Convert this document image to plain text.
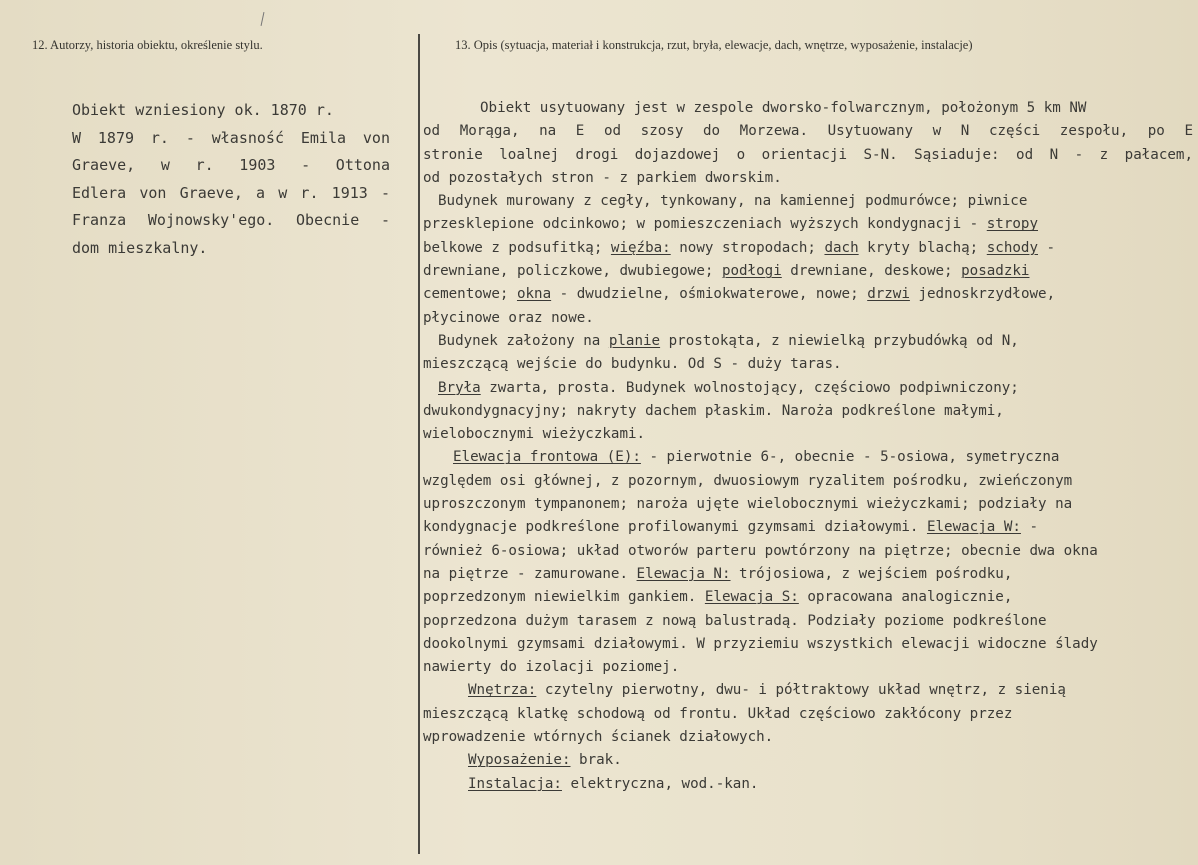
12. Autorzy, historia obiektu, określenie stylu.	13. Opis (sytuacja, materiał i konstrukcja, rzut, bryła, elewacje, dach, wnętrze, wyposażenie, instalacje)
Obiekt wzniesiony ok. 1870 r.
W 1879 r. - własność Emila von
Graeve, w r. 1903 - Ottona
Edlera von Graeve, a w r. 1913 -
Franza Wojnowsky'ego. Obecnie -
dom mieszkalny.
Obiekt usytuowany jest w zespole dworsko-folwarcznym, położonym 5 km NW
od Morąga, na E od szosy do Morzewa. Usytuowany w N części zespołu, po E
stronie loalnej drogi dojazdowej o orientacji S-N. Sąsiaduje: od N - z pałacem,
od pozostałych stron - z parkiem dworskim.
Budynek murowany z cegły, tynkowany, na kamiennej podmurówce; piwnice
przesklepione odcinkowo; w pomieszczeniach wyższych kondygnacji - stropy
belkowe z podsufitką; więźba: nowy stropodach; dach kryty blachą; schody -
drewniane, policzkowe, dwubiegowe; podłogi drewniane, deskowe; posadzki
cementowe; okna - dwudzielne, ośmiokwaterowe, nowe; drzwi jednoskrzydłowe,
płycinowe oraz nowe.
Budynek założony na planie prostokąta, z niewielką przybudówką od N,
mieszczącą wejście do budynku. Od S - duży taras.
Bryła zwarta, prosta. Budynek wolnostojący, częściowo podpiwniczony;
dwukondygnacyjny; nakryty dachem płaskim. Naroża podkreślone małymi,
wielobocznymi wieżyczkami.
Elewacja frontowa (E): - pierwotnie 6-, obecnie - 5-osiowa, symetryczna
względem osi głównej, z pozornym, dwuosiowym ryzalitem pośrodku, zwieńczonym
uproszczonym tympanonem; naroża ujęte wielobocznymi wieżyczkami; podziały na
kondygnacje podkreślone profilowanymi gzymsami działowymi. Elewacja W: -
również 6-osiowa; układ otworów parteru powtórzony na piętrze; obecnie dwa okna
na piętrze - zamurowane. Elewacja N: trójosiowa, z wejściem pośrodku,
poprzedzonym niewielkim gankiem. Elewacja S: opracowana analogicznie,
poprzedzona dużym tarasem z nową balustradą. Podziały poziome podkreślone
dookolnymi gzymsami działowymi. W przyziemiu wszystkich elewacji widoczne ślady
nawierty do izolacji poziomej.
Wnętrza: czytelny pierwotny, dwu- i półtraktowy układ wnętrz, z sienią
mieszczącą klatkę schodową od frontu. Układ częściowo zakłócony przez
wprowadzenie wtórnych ścianek działowych.
Wyposażenie: brak.
Instalacja: elektryczna, wod.-kan.
